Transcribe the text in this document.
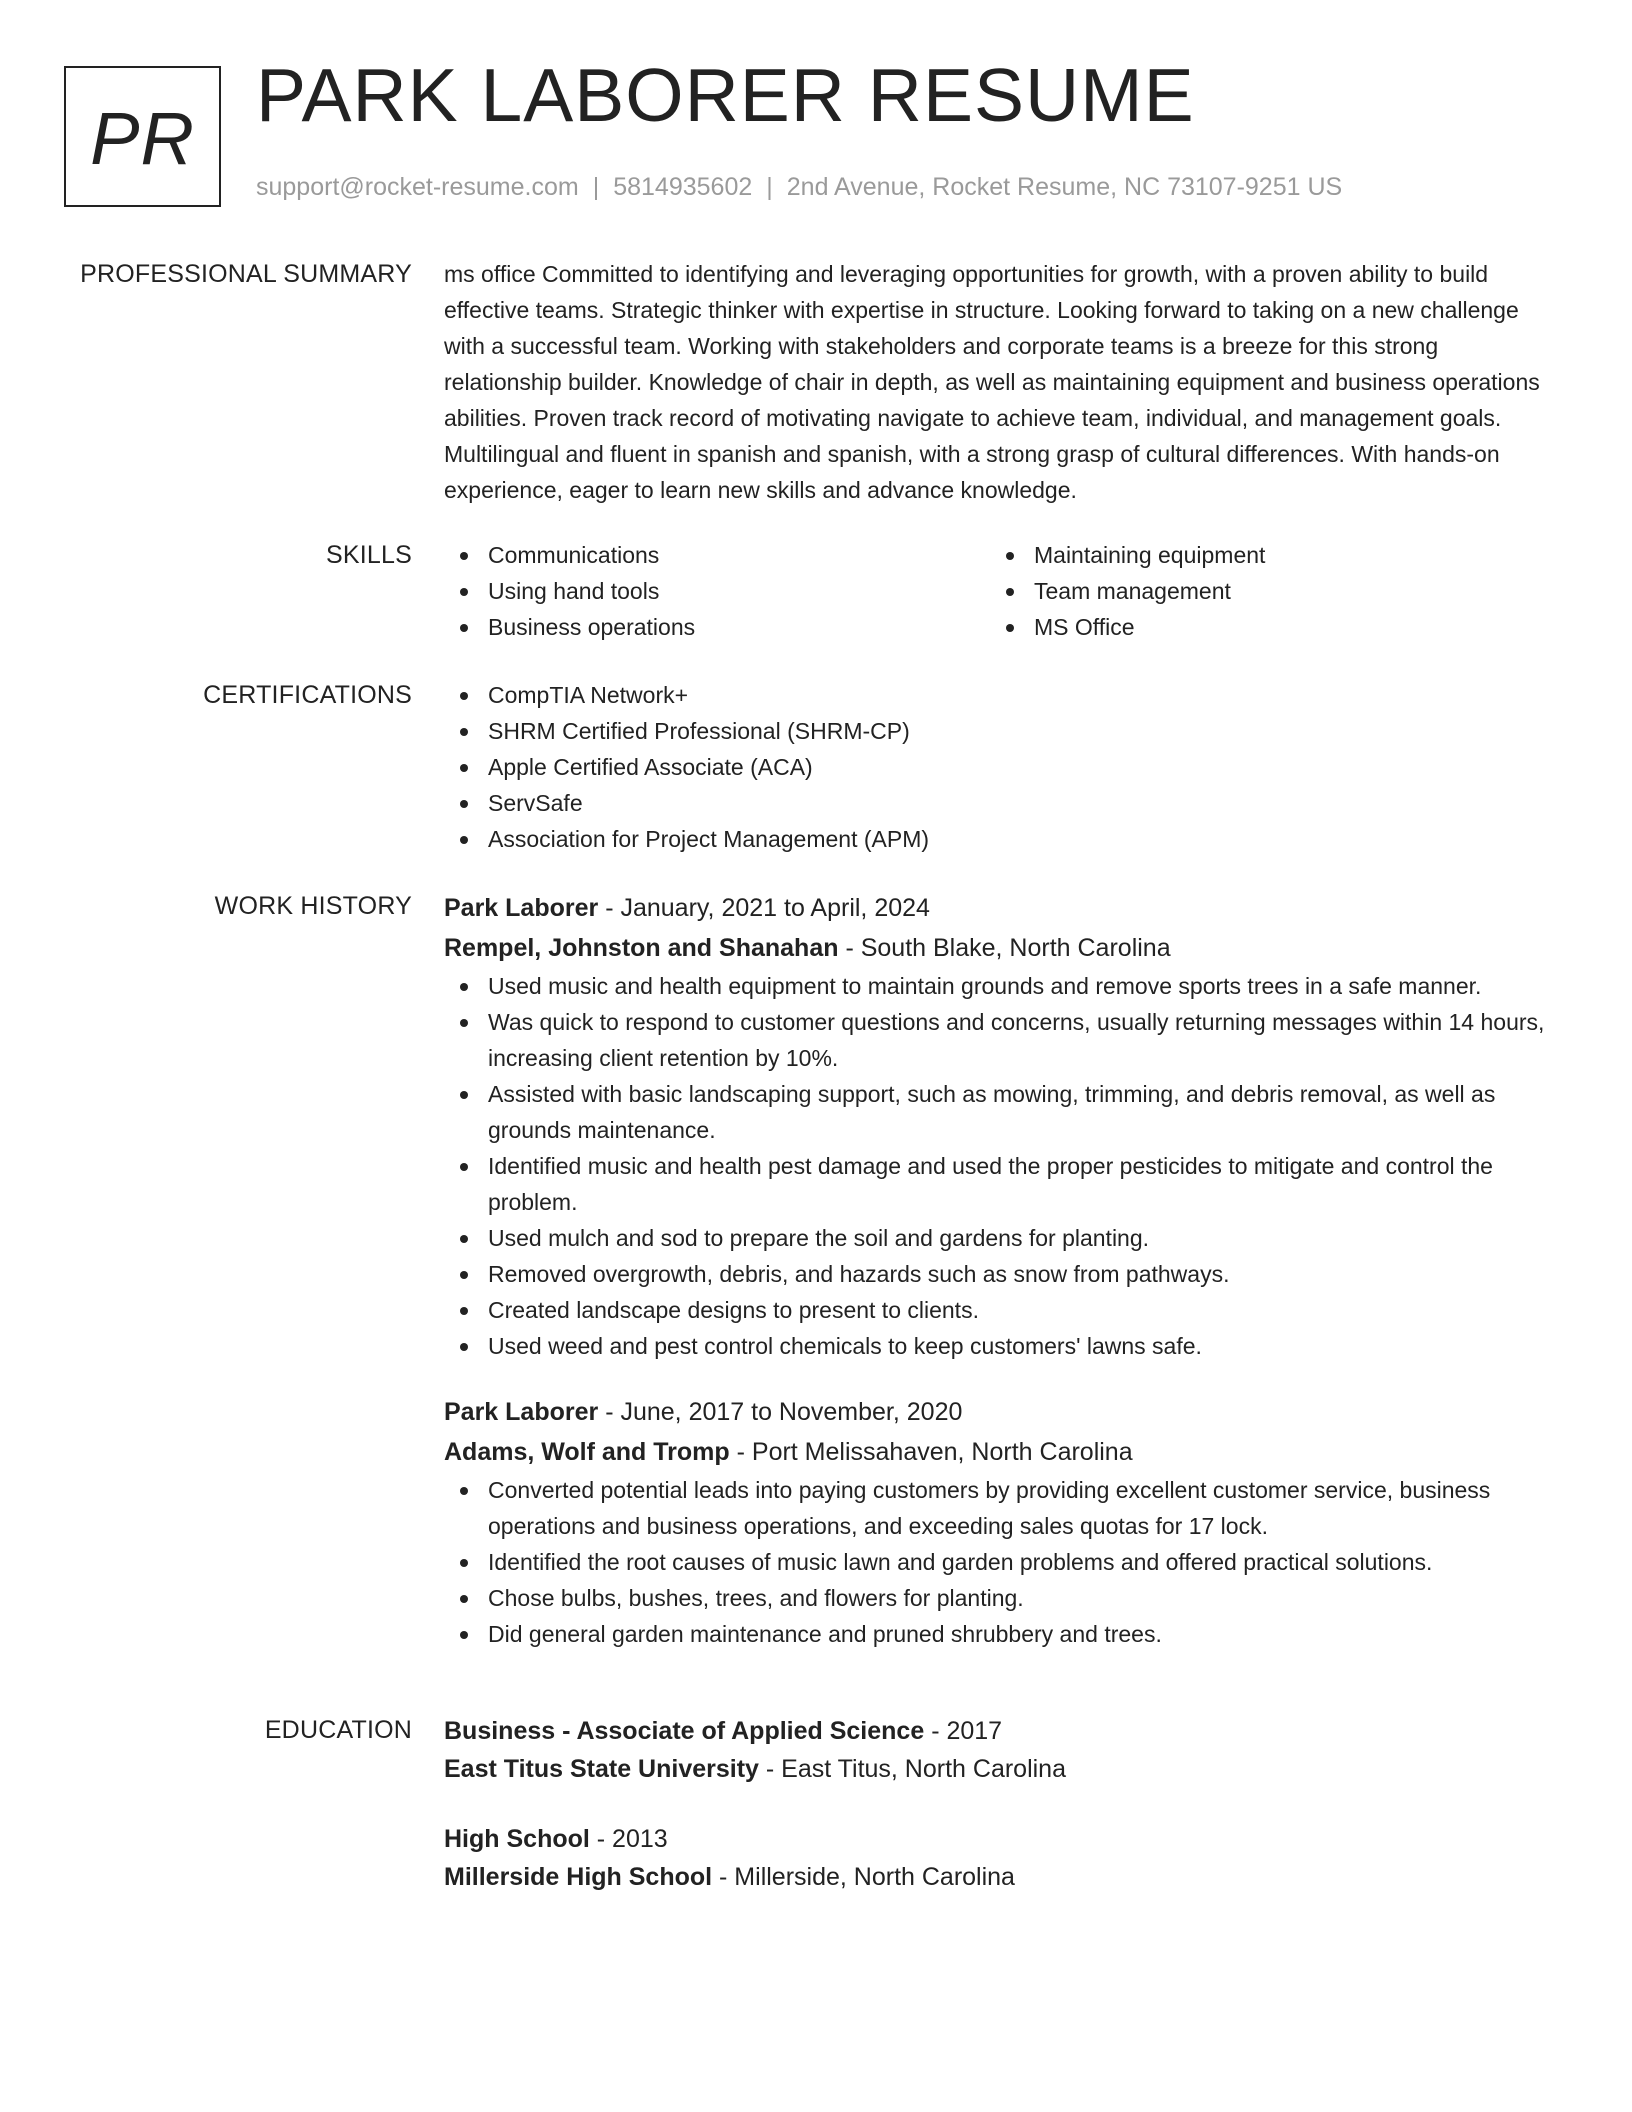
PR
PARK LABORER RESUME
support@rocket-resume.com | 5814935602 | 2nd Avenue, Rocket Resume, NC 73107-9251 US
PROFESSIONAL SUMMARY ms office Committed to identifying and leveraging opportunities for growth, with a proven ability to build effective teams. Strategic thinker with expertise in structure. Looking forward to taking on a new challenge with a successful team. Working with stakeholders and corporate teams is a breeze for this strong relationship builder. Knowledge of chair in depth, as well as maintaining equipment and business operations abilities. Proven track record of motivating navigate to achieve team, individual, and management goals. Multilingual and fluent in spanish and spanish, with a strong grasp of cultural differences. With hands-on experience, eager to learn new skills and advance knowledge.

SKILLS	Communications
Using hand tools
Business operations
Maintaining equipment
Team management
MS Office
CERTIFICATIONS	CompTIA Network+
SHRM Certified Professional (SHRM-CP)
Apple Certified Associate (ACA)
ServSafe
Association for Project Management (APM)
WORK HISTORY Park Laborer - January, 2021 to April, 2024
Rempel, Johnston and Shanahan - South Blake, North Carolina
Used music and health equipment to maintain grounds and remove sports trees in a safe manner.
Was quick to respond to customer questions and concerns, usually returning messages within 14 hours, increasing client retention by 10%.
Assisted with basic landscaping support, such as mowing, trimming, and debris removal, as well as grounds maintenance.
Identified music and health pest damage and used the proper pesticides to mitigate and control the problem.
Used mulch and sod to prepare the soil and gardens for planting.
Removed overgrowth, debris, and hazards such as snow from pathways.
Created landscape designs to present to clients.
Used weed and pest control chemicals to keep customers' lawns safe.
Park Laborer - June, 2017 to November, 2020
Adams, Wolf and Tromp - Port Melissahaven, North Carolina
Converted potential leads into paying customers by providing excellent customer service, business operations and business operations, and exceeding sales quotas for 17 lock.
Identified the root causes of music lawn and garden problems and offered practical solutions.
Chose bulbs, bushes, trees, and flowers for planting.
Did general garden maintenance and pruned shrubbery and trees.
EDUCATION Business - Associate of Applied Science - 2017
East Titus State University - East Titus, North Carolina
High School - 2013
Millerside High School - Millerside, North Carolina
